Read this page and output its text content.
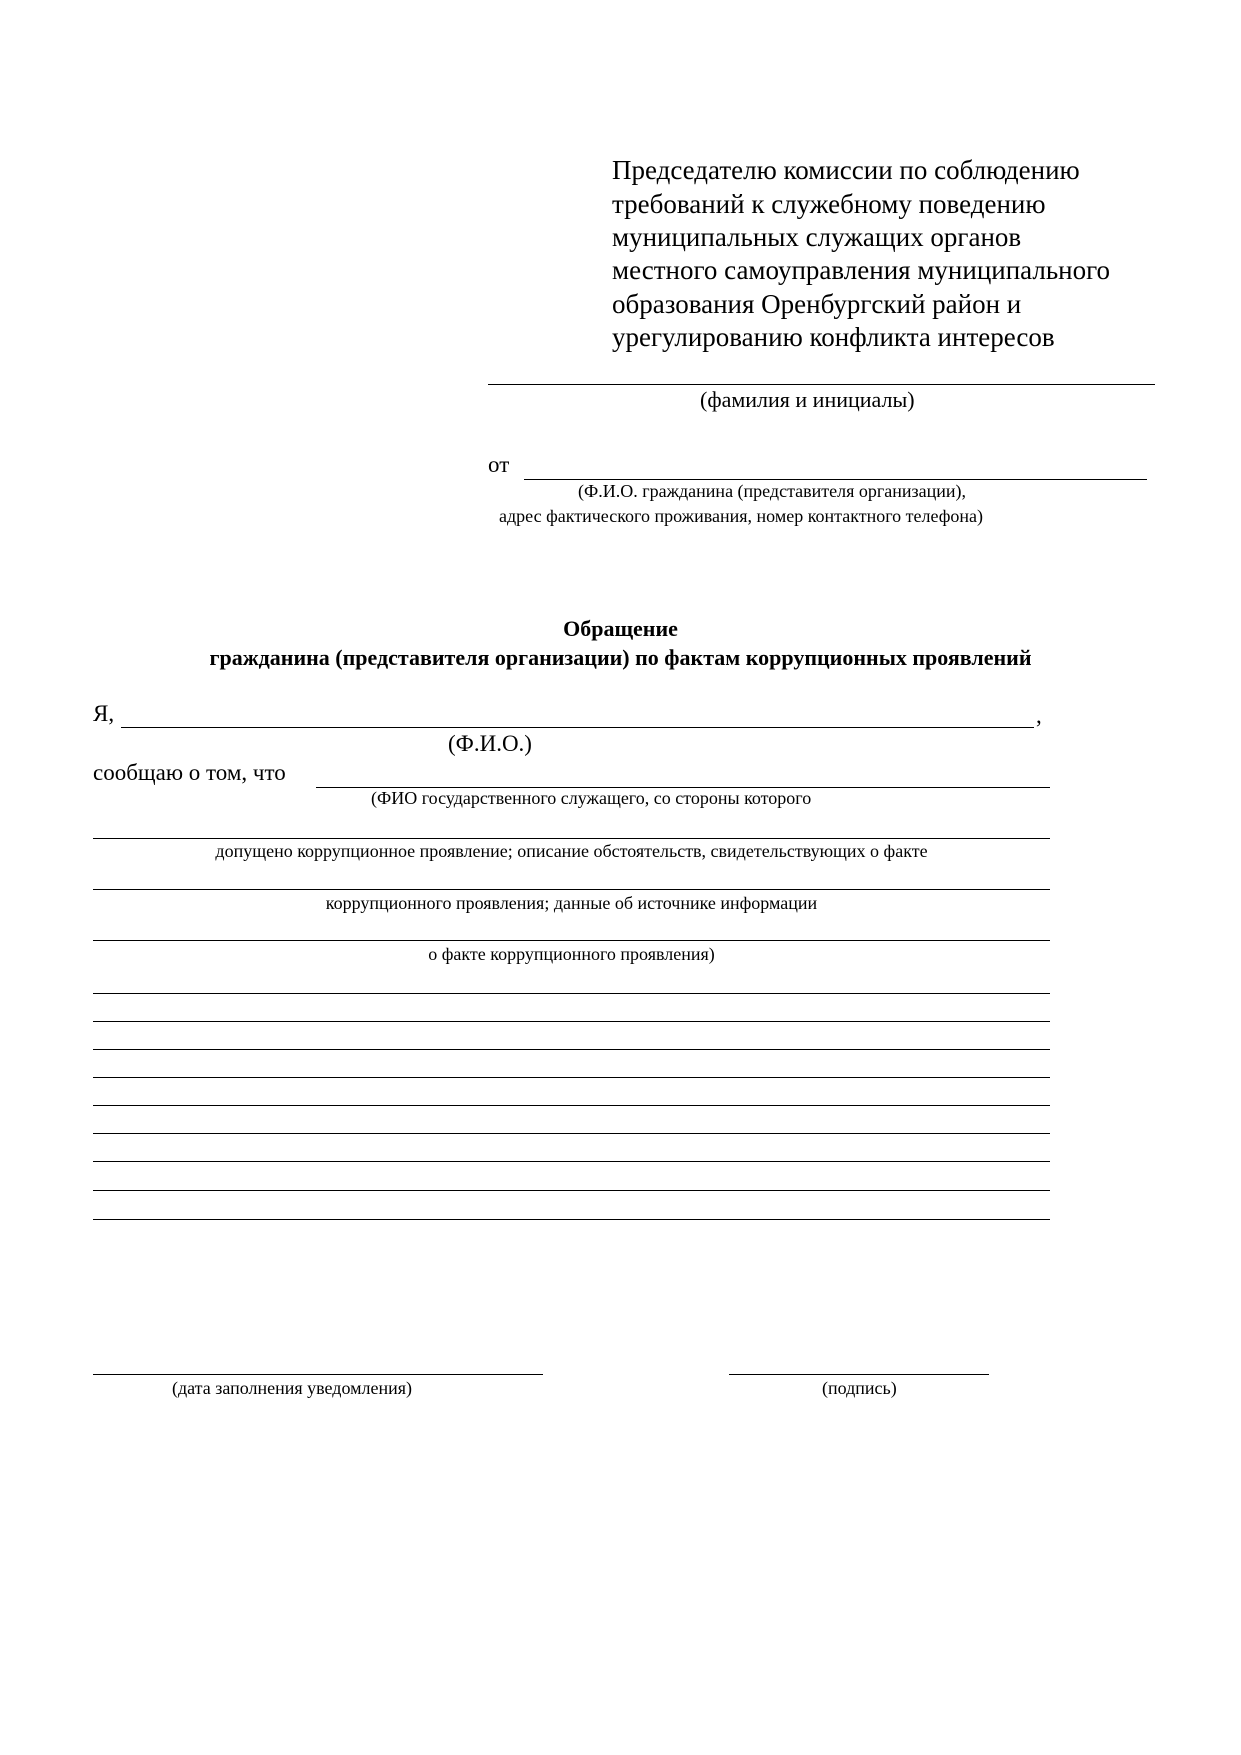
Председателю комиссии по соблюдению
требований к служебному поведению
муниципальных служащих органов
местного самоуправления муниципального
образования Оренбургский район и
урегулированию конфликта интересов
(фамилия и инициалы)
от
(Ф.И.О. гражданина (представителя организации),
адрес фактического проживания, номер контактного телефона)
Обращение
гражданина (представителя организации) по фактам коррупционных проявлений
Я,	,
(Ф.И.О.)
сообщаю о том, что
(ФИО государственного служащего, со стороны которого
допущено коррупционное проявление; описание обстоятельств, свидетельствующих о факте
коррупционного проявления; данные об источнике информации
о факте коррупционного проявления)
(дата заполнения уведомления)	(подпись)
